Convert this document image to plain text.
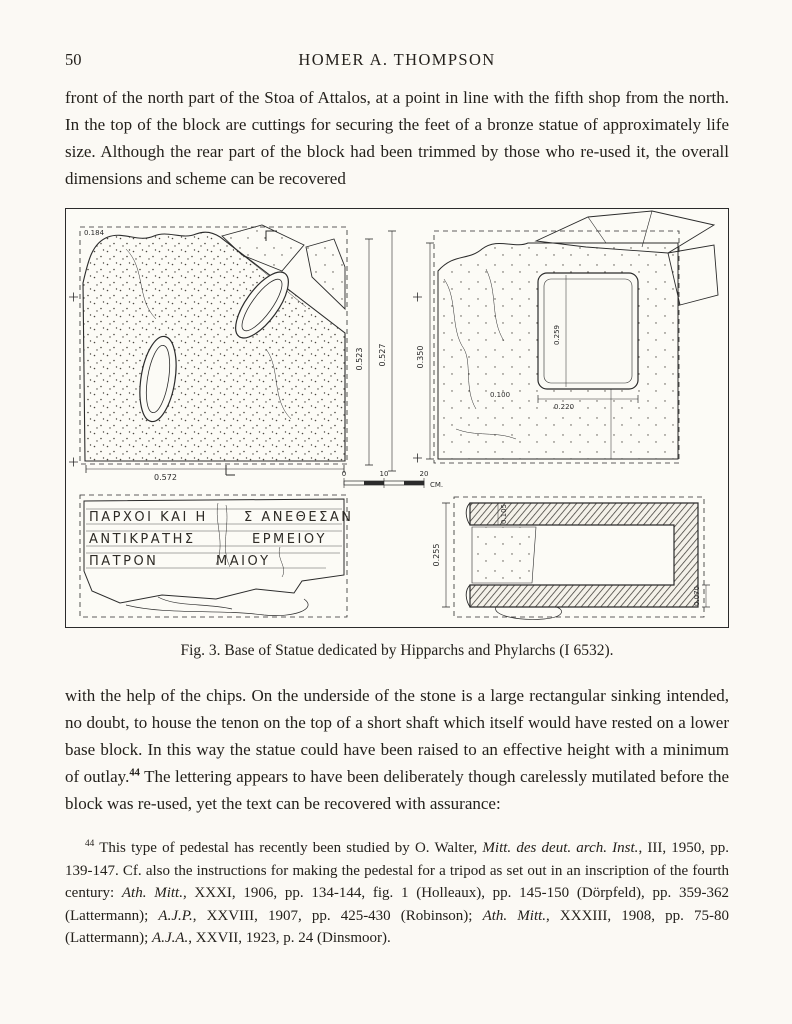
50	HOMER A. THOMPSON

front of the north part of the Stoa of Attalos, at a point in line with the fifth shop from the north. In the top of the block are cuttings for securing the feet of a bronze statue of approximately life size. Although the rear part of the block had been trimmed by those who re-used it, the overall dimensions and scheme can be recovered

0.184
0.572
0.523 0.527	0.350
0.259
0.100
0.220
0	10	20
CM.
ΠΑΡΧΟΙ ΚΑΙ Η	Σ ΑΝΕΘΕΣΑΝ
ΑΝΤΙΚΡΑΤΗΣ	ΕΡΜΕΙΟΥ
ΠΑΤΡΟΝ	ΜΑΙΟΥ	0.255
0.105
0.070
Fig. 3. Base of Statue dedicated by Hipparchs and Phylarchs (I 6532).

with the help of the chips. On the underside of the stone is a large rectangular sinking intended, no doubt, to house the tenon on the top of a short shaft which itself would have rested on a lower base block. In this way the statue could have been raised to an effective height with a minimum of outlay.$^{44}$ The lettering appears to have been deliberately though carelessly mutilated before the block was re-used, yet the text can be recovered with assurance:

$^{44}$ This type of pedestal has recently been studied by O. Walter, Mitt. des deut. arch. Inst., III, 1950, pp. 139-147. Cf. also the instructions for making the pedestal for a tripod as set out in an inscription of the fourth century: Ath. Mitt., XXXI, 1906, pp. 134-144, fig. 1 (Holleaux), pp. 145-150 (Dörpfeld), pp. 359-362 (Lattermann); A.J.P., XXVIII, 1907, pp. 425-430 (Robinson); Ath. Mitt., XXXIII, 1908, pp. 75-80 (Lattermann); A.J.A., XXVII, 1923, p. 24 (Dinsmoor).
